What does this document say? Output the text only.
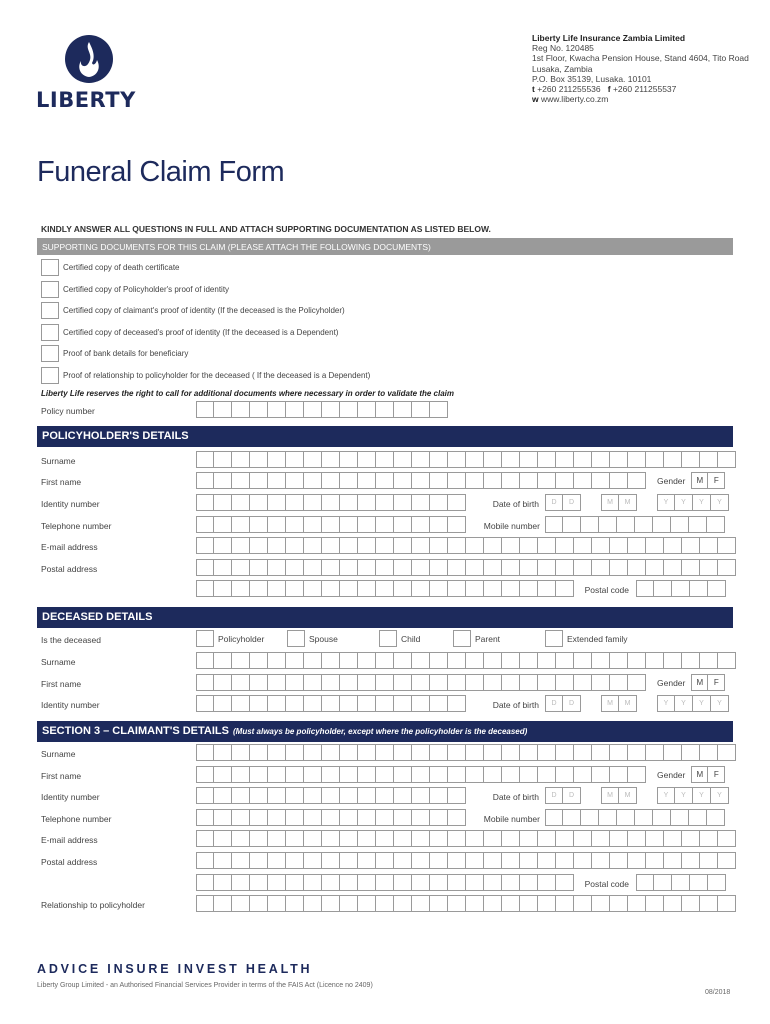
LIBERTY
Liberty Life Insurance Zambia Limited
Reg No. 120485
1st Floor, Kwacha Pension House, Stand 4604, Tito Road
Lusaka, Zambia
P.O. Box 35139, Lusaka. 10101
t +260 211255536 f +260 211255537
w www.liberty.co.zm
Funeral Claim Form
KINDLY ANSWER ALL QUESTIONS IN FULL AND ATTACH SUPPORTING DOCUMENTATION AS LISTED BELOW.
SUPPORTING DOCUMENTS FOR THIS CLAIM (PLEASE ATTACH THE FOLLOWING DOCUMENTS)
Certified copy of death certificate
Certified copy of Policyholder's proof of identity
Certified copy of claimant's proof of identity (If the deceased is the Policyholder)
Certified copy of deceased's proof of identity (If the deceased is a Dependent)
Proof of bank details for beneficiary
Proof of relationship to policyholder for the deceased ( If the deceased is a Dependent)
Liberty Life reserves the right to call for additional documents where necessary in order to validate the claim
Policy number
POLICYHOLDER'S DETAILS
Surname
First name	Gender	M	F
Identity number	Date of birth	D	D	M	M	Y	Y	Y	Y
Telephone number	Mobile number
E-mail address
Postal address
Postal code
DECEASED DETAILS
Is the deceased	Policyholder	Spouse	Child	Parent	Extended family
Surname
First name	Gender	M	F
Identity number	Date of birth	D	D	M	M	Y	Y	Y	Y
SECTION 3 – CLAIMANT'S DETAILS (Must always be policyholder, except where the policyholder is the deceased)
Surname
First name	Gender	M	F
Identity number	Date of birth	D	D	M	M	Y	Y	Y	Y
Telephone number	Mobile number
E-mail address
Postal address
Postal code
Relationship to policyholder
ADVICE INSURE INVEST HEALTH
Liberty Group Limited - an Authorised Financial Services Provider in terms of the FAIS Act (Licence no 2409)
08/2018
